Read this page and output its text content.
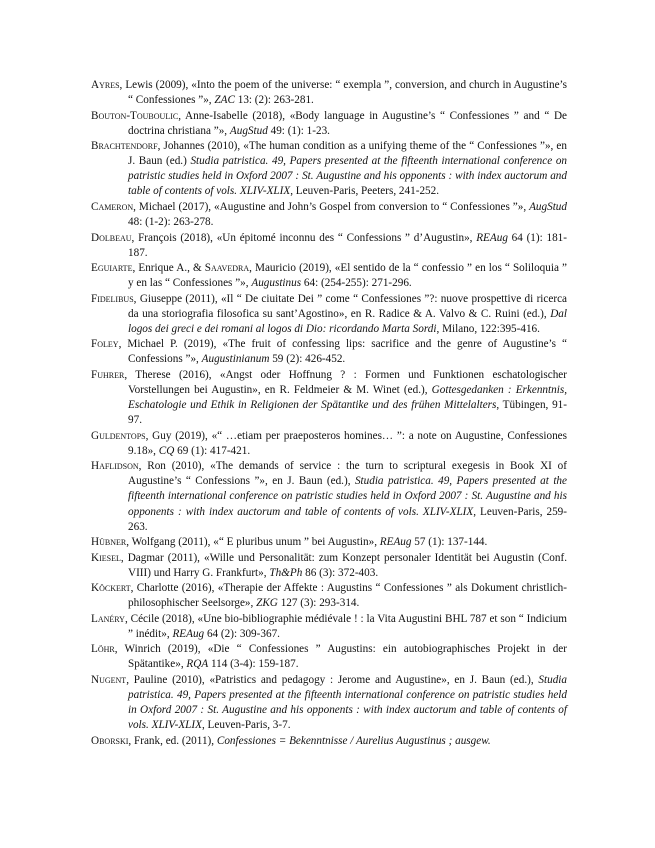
Ayres, Lewis (2009), «Into the poem of the universe: “ exempla ”, conversion, and church in Augustine’s “ Confessiones ”», ZAC 13: (2): 263-281.

Bouton-Touboulic, Anne-Isabelle (2018), «Body language in Augustine’s “ Confessiones ” and “ De doctrina christiana ”», AugStud 49: (1): 1-23.

Brachtendorf, Johannes (2010), «The human condition as a unifying theme of the “ Confessiones ”», en J. Baun (ed.) Studia patristica. 49, Papers presented at the fifteenth international conference on patristic studies held in Oxford 2007 : St. Augustine and his opponents : with index auctorum and table of contents of vols. XLIV-XLIX, Leuven-Paris, Peeters, 241-252.

Cameron, Michael (2017), «Augustine and John’s Gospel from conversion to “ Confessiones ”», AugStud 48: (1-2): 263-278.

Dolbeau, François (2018), «Un épitomé inconnu des “ Confessions ” d’Augustin», REAug 64 (1): 181-187.

Eguiarte, Enrique A., & Saavedra, Mauricio (2019), «El sentido de la “ confessio ” en los “ Soliloquia ” y en las “ Confessiones ”», Augustinus 64: (254-255): 271-296.

Fidelibus, Giuseppe (2011), «Il “ De ciuitate Dei ” come “ Confessiones ”?: nuove prospettive di ricerca da una storiografia filosofica su sant’Agostino», en R. Radice & A. Valvo & C. Ruini (ed.), Dal logos dei greci e dei romani al logos di Dio: ricordando Marta Sordi, Milano, 122:395-416.

Foley, Michael P. (2019), «The fruit of confessing lips: sacrifice and the genre of Augustine’s “ Confessions ”», Augustinianum 59 (2): 426-452.

Fuhrer, Therese (2016), «Angst oder Hoffnung ? : Formen und Funktionen eschatologischer Vorstellungen bei Augustin», en R. Feldmeier & M. Winet (ed.), Gottesgedanken : Erkenntnis, Eschatologie und Ethik in Religionen der Spätantike und des frühen Mittelalters, Tübingen, 91-97.

Guldentops, Guy (2019), «“ …etiam per praeposteros homines… ”: a note on Augustine, Confessiones 9.18», CQ 69 (1): 417-421.

Haflidson, Ron (2010), «The demands of service : the turn to scriptural exegesis in Book XI of Augustine’s “ Confessions ”», en J. Baun (ed.), Studia patristica. 49, Papers presented at the fifteenth international conference on patristic studies held in Oxford 2007 : St. Augustine and his opponents : with index auctorum and table of contents of vols. XLIV-XLIX, Leuven-Paris, 259-263.

Hübner, Wolfgang (2011), «“ E pluribus unum ” bei Augustin», REAug 57 (1): 137-144.

Kiesel, Dagmar (2011), «Wille und Personalität: zum Konzept personaler Identität bei Augustin (Conf. VIII) und Harry G. Frankfurt», Th&Ph 86 (3): 372-403.

Köckert, Charlotte (2016), «Therapie der Affekte : Augustins “ Confessiones ” als Dokument christlich-philosophischer Seelsorge», ZKG 127 (3): 293-314.

Lanéry, Cécile (2018), «Une bio-bibliographie médiévale ! : la Vita Augustini BHL 787 et son “ Indicium ” inédit», REAug 64 (2): 309-367.

Löhr, Winrich (2019), «Die “ Confessiones ” Augustins: ein autobiographisches Projekt in der Spätantike», RQA 114 (3-4): 159-187.

Nugent, Pauline (2010), «Patristics and pedagogy : Jerome and Augustine», en J. Baun (ed.), Studia patristica. 49, Papers presented at the fifteenth international conference on patristic studies held in Oxford 2007 : St. Augustine and his opponents : with index auctorum and table of contents of vols. XLIV-XLIX, Leuven-Paris, 3-7.

Oborski, Frank, ed. (2011), Confessiones = Bekenntnisse / Aurelius Augustinus ; ausgew.
